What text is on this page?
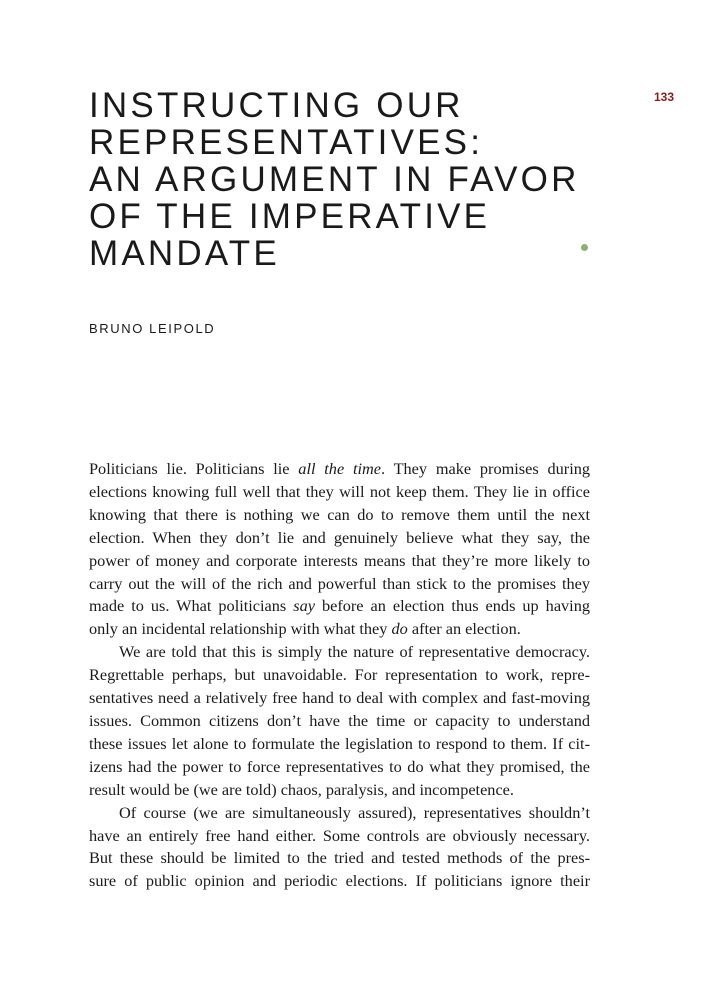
133
INSTRUCTING OUR
REPRESENTATIVES:
AN ARGUMENT IN FAVOR
OF THE IMPERATIVE
MANDATE
BRUNO LEIPOLD
Politicians lie. Politicians lie all the time. They make promises during
elections knowing full well that they will not keep them. They lie in office
knowing that there is nothing we can do to remove them until the next
election. When they don’t lie and genuinely believe what they say, the
power of money and corporate interests means that they’re more likely to
carry out the will of the rich and powerful than stick to the promises they
made to us. What politicians say before an election thus ends up having
only an incidental relationship with what they do after an election.
We are told that this is simply the nature of representative democracy.
Regrettable perhaps, but unavoidable. For representation to work, repre-
sentatives need a relatively free hand to deal with complex and fast-moving
issues. Common citizens don’t have the time or capacity to understand
these issues let alone to formulate the legislation to respond to them. If cit-
izens had the power to force representatives to do what they promised, the
result would be (we are told) chaos, paralysis, and incompetence.
Of course (we are simultaneously assured), representatives shouldn’t
have an entirely free hand either. Some controls are obviously necessary.
But these should be limited to the tried and tested methods of the pres-
sure of public opinion and periodic elections. If politicians ignore their
